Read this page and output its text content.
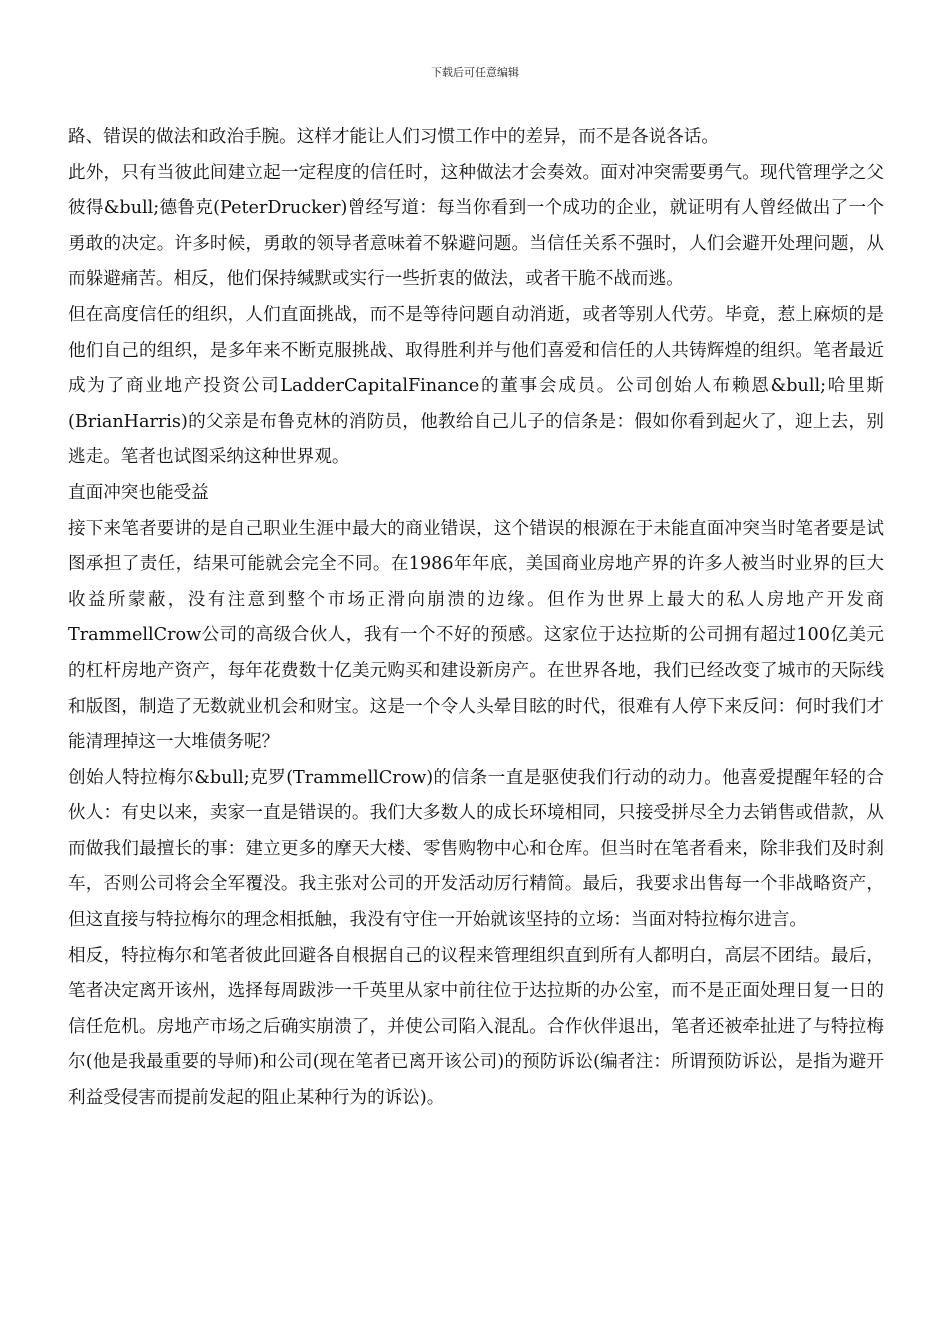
下载后可任意编辑

路、错误的做法和政治手腕。这样才能让人们习惯工作中的差异，而不是各说各话。

此外，只有当彼此间建立起一定程度的信任时，这种做法才会奏效。面对冲突需要勇气。现代管理学之父彼得&bull;德鲁克(PeterDrucker)曾经写道：每当你看到一个成功的企业，就证明有人曾经做出了一个勇敢的决定。许多时候，勇敢的领导者意味着不躲避问题。当信任关系不强时，人们会避开处理问题，从而躲避痛苦。相反，他们保持缄默或实行一些折衷的做法，或者干脆不战而逃。

但在高度信任的组织，人们直面挑战，而不是等待问题自动消逝，或者等别人代劳。毕竟，惹上麻烦的是他们自己的组织，是多年来不断克服挑战、取得胜利并与他们喜爱和信任的人共铸辉煌的组织。笔者最近成为了商业地产投资公司LadderCapitalFinance的董事会成员。公司创始人布赖恩&bull;哈里斯(BrianHarris)的父亲是布鲁克林的消防员，他教给自己儿子的信条是：假如你看到起火了，迎上去，别逃走。笔者也试图采纳这种世界观。

直面冲突也能受益

接下来笔者要讲的是自己职业生涯中最大的商业错误，这个错误的根源在于未能直面冲突当时笔者要是试图承担了责任，结果可能就会完全不同。在1986年年底，美国商业房地产界的许多人被当时业界的巨大收益所蒙蔽，没有注意到整个市场正滑向崩溃的边缘。但作为世界上最大的私人房地产开发商TrammellCrow公司的高级合伙人，我有一个不好的预感。这家位于达拉斯的公司拥有超过100亿美元的杠杆房地产资产，每年花费数十亿美元购买和建设新房产。在世界各地，我们已经改变了城市的天际线和版图，制造了无数就业机会和财宝。这是一个令人头晕目眩的时代，很难有人停下来反问：何时我们才能清理掉这一大堆债务呢？

创始人特拉梅尔&bull;克罗(TrammellCrow)的信条一直是驱使我们行动的动力。他喜爱提醒年轻的合伙人：有史以来，卖家一直是错误的。我们大多数人的成长环境相同，只接受拼尽全力去销售或借款，从而做我们最擅长的事：建立更多的摩天大楼、零售购物中心和仓库。但当时在笔者看来，除非我们及时刹车，否则公司将会全军覆没。我主张对公司的开发活动厉行精简。最后，我要求出售每一个非战略资产，但这直接与特拉梅尔的理念相抵触，我没有守住一开始就该坚持的立场：当面对特拉梅尔进言。

相反，特拉梅尔和笔者彼此回避各自根据自己的议程来管理组织直到所有人都明白，高层不团结。最后，笔者决定离开该州，选择每周跋涉一千英里从家中前往位于达拉斯的办公室，而不是正面处理日复一日的信任危机。房地产市场之后确实崩溃了，并使公司陷入混乱。合作伙伴退出，笔者还被牵扯进了与特拉梅尔(他是我最重要的导师)和公司(现在笔者已离开该公司)的预防诉讼(编者注：所谓预防诉讼，是指为避开利益受侵害而提前发起的阻止某种行为的诉讼)。
